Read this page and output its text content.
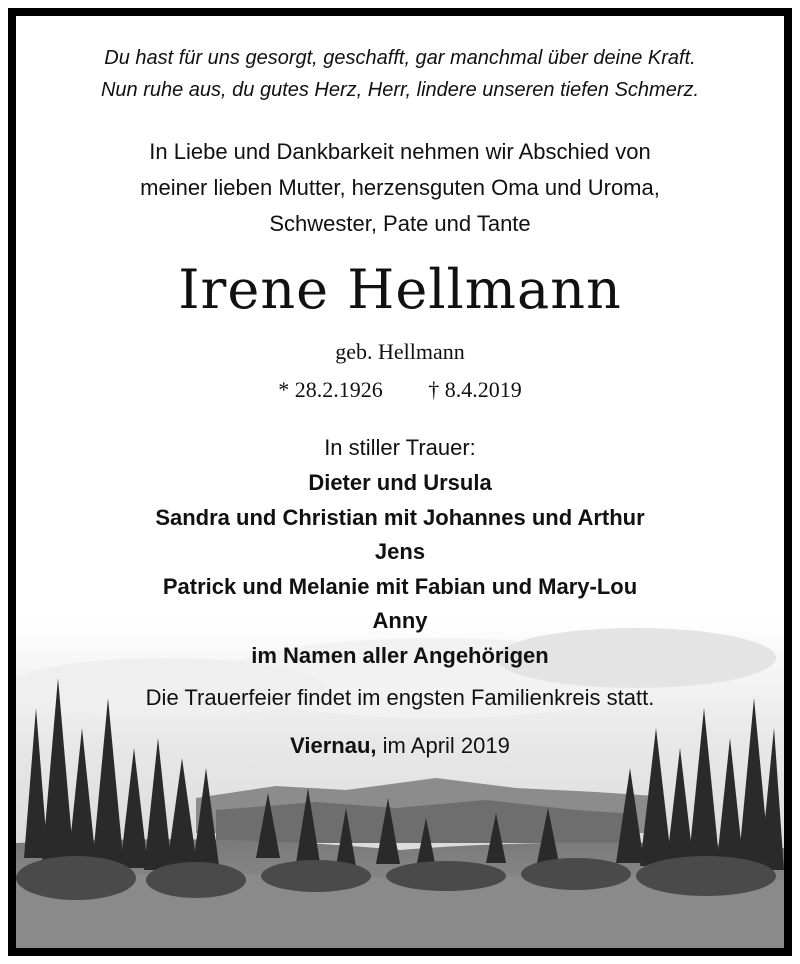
Du hast für uns gesorgt, geschafft, gar manchmal über deine Kraft.
Nun ruhe aus, du gutes Herz, Herr, lindere unseren tiefen Schmerz.
In Liebe und Dankbarkeit nehmen wir Abschied von
meiner lieben Mutter, herzensguten Oma und Uroma,
Schwester, Pate und Tante
Irene Hellmann
geb. Hellmann
* 28.2.1926 † 8.4.2019
In stiller Trauer:
Dieter und Ursula
Sandra und Christian mit Johannes und Arthur
Jens
Patrick und Melanie mit Fabian und Mary-Lou
Anny
im Namen aller Angehörigen
Die Trauerfeier findet im engsten Familienkreis statt.
Viernau, im April 2019
